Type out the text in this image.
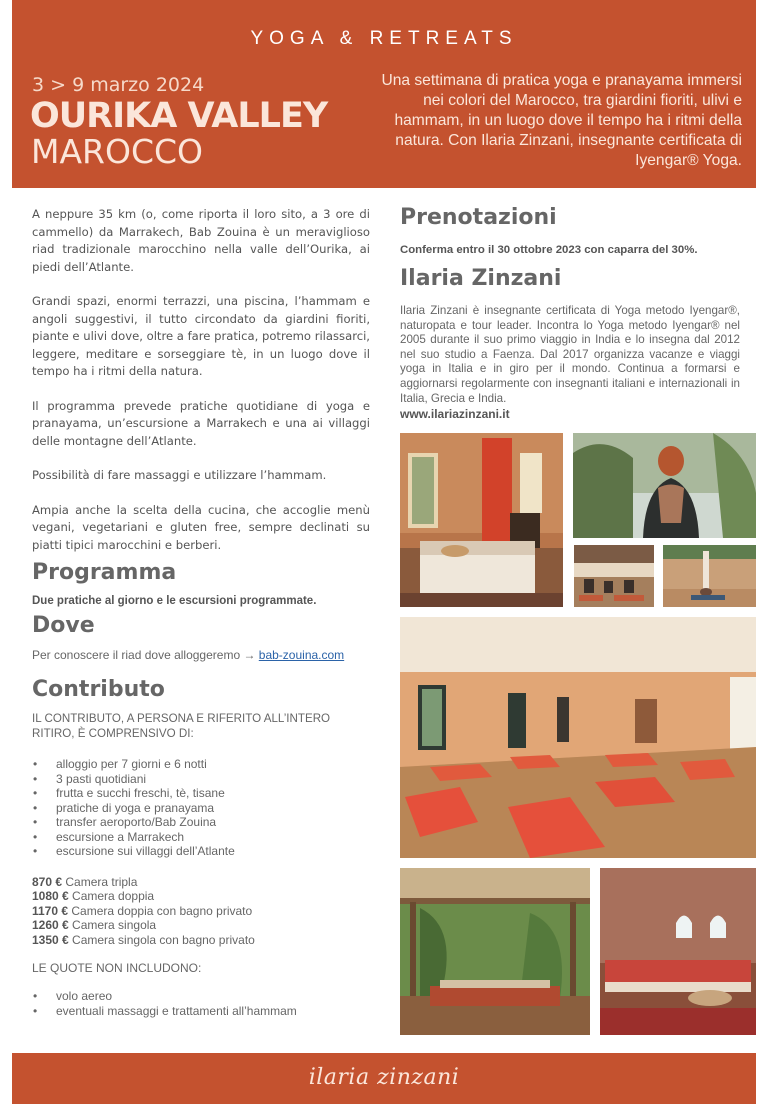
YOGA & RETREATS
3 > 9 marzo 2024
OURIKA VALLEY
MAROCCO
Una settimana di pratica yoga e pranayama immersi nei colori del Marocco, tra giardini fioriti, ulivi e hammam, in un luogo dove il tempo ha i ritmi della natura. Con Ilaria Zinzani, insegnante certificata di Iyengar® Yoga.

A neppure 35 km (o, come riporta il loro sito, a 3 ore di cammello) da Marrakech, Bab Zouina è un meraviglioso riad tradizionale marocchino nella valle dell’Ourika, ai piedi dell’Atlante.

Grandi spazi, enormi terrazzi, una piscina, l’hammam e angoli suggestivi, il tutto circondato da giardini fioriti, piante e ulivi dove, oltre a fare pratica, potremo rilassarci, leggere, meditare e sorseggiare tè, in un luogo dove il tempo ha i ritmi della natura.

Il programma prevede pratiche quotidiane di yoga e pranayama, un’escursione a Marrakech e una ai villaggi delle montagne dell’Atlante.

Possibilità di fare massaggi e utilizzare l’hammam.

Ampia anche la scelta della cucina, che accoglie menù vegani, vegetariani e gluten free, sempre declinati su piatti tipici marocchini e berberi.

Programma
Due pratiche al giorno e le escursioni programmate.
Dove
Per conoscere il riad dove alloggeremo → bab-zouina.com
Contributo
IL CONTRIBUTO, A PERSONA E RIFERITO ALL’INTERO RITIRO, È COMPRENSIVO DI:
• alloggio per 7 giorni e 6 notti
• 3 pasti quotidiani
• frutta e succhi freschi, tè, tisane
• pratiche di yoga e pranayama
• transfer aeroporto/Bab Zouina
• escursione a Marrakech
• escursione sui villaggi dell’Atlante
870 € Camera tripla
1080 € Camera doppia
1170 € Camera doppia con bagno privato
1260 € Camera singola
1350 € Camera singola con bagno privato
LE QUOTE NON INCLUDONO:
• volo aereo
• eventuali massaggi e trattamenti all’hammam
Prenotazioni
Conferma entro il 30 ottobre 2023 con caparra del 30%.
Ilaria Zinzani

Ilaria Zinzani è insegnante certificata di Yoga metodo Iyengar®, naturopata e tour leader. Incontra lo Yoga metodo Iyengar® nel 2005 durante il suo primo viaggio in India e lo insegna dal 2012 nel suo studio a Faenza. Dal 2017 organizza vacanze e viaggi yoga in Italia e in giro per il mondo. Continua a formarsi e aggiornarsi regolarmente con insegnanti italiani e internazionali in Italia, Grecia e India.

www.ilariazinzani.it
ilaria zinzani
